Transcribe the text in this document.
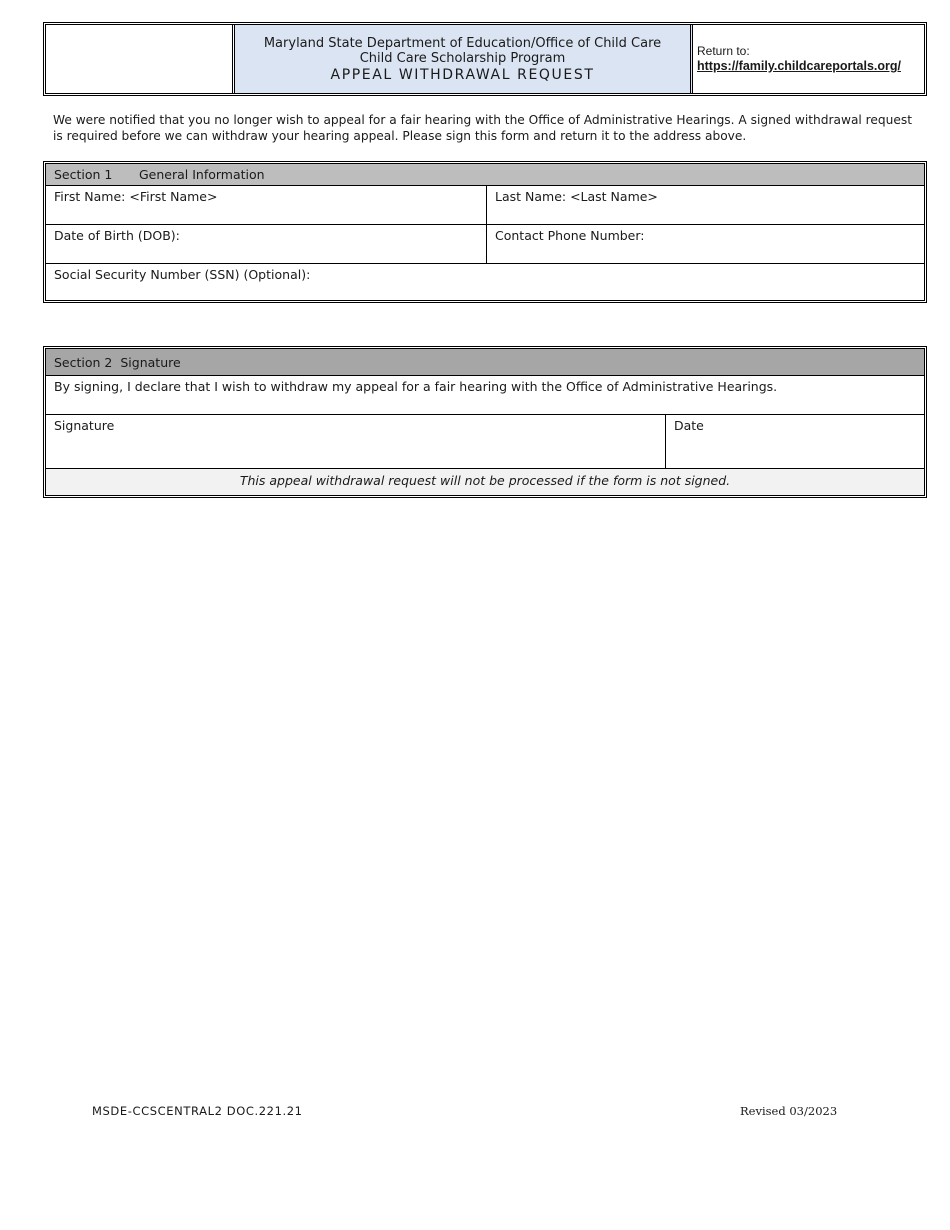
Maryland State Department of Education/Office of Child Care
Child Care Scholarship Program
APPEAL WITHDRAWAL REQUEST
Return to:
https://family.childcareportals.org/
We were notified that you no longer wish to appeal for a fair hearing with the Office of Administrative Hearings. A signed withdrawal request is required before we can withdraw your hearing appeal. Please sign this form and return it to the address above.
Section 1	General Information
First Name: <First Name>	Last Name: <Last Name>
Date of Birth (DOB):	Contact Phone Number:
Social Security Number (SSN) (Optional):
Section 2 Signature
By signing, I declare that I wish to withdraw my appeal for a fair hearing with the Office of Administrative Hearings.
Signature	Date
This appeal withdrawal request will not be processed if the form is not signed.
MSDE-CCSCENTRAL2 DOC.221.21	Revised 03/2023
